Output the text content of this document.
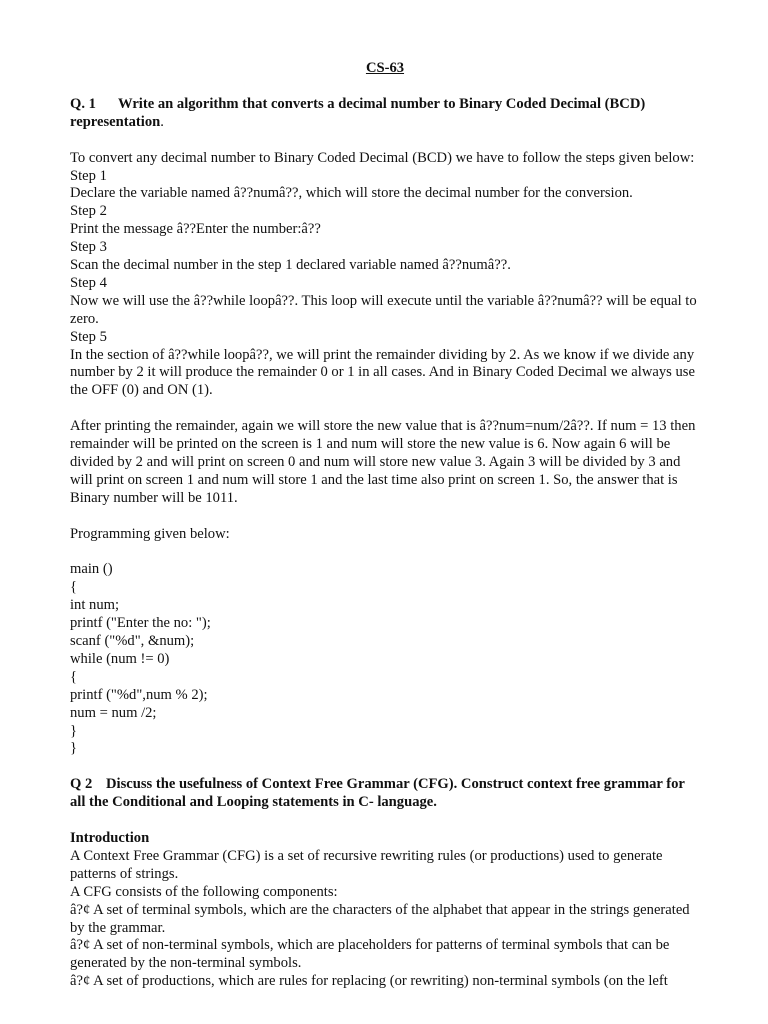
CS-63

Q. 1 Write an algorithm that converts a decimal number to Binary Coded Decimal (BCD) representation.

To convert any decimal number to Binary Coded Decimal (BCD) we have to follow the steps given below:

Step 1

Declare the variable named â??numâ??, which will store the decimal number for the conversion.

Step 2

Print the message â??Enter the number:â??

Step 3

Scan the decimal number in the step 1 declared variable named â??numâ??.

Step 4

Now we will use the â??while loopâ??. This loop will execute until the variable â??numâ?? will be equal to zero.

Step 5

In the section of â??while loopâ??, we will print the remainder dividing by 2. As we know if we divide any number by 2 it will produce the remainder 0 or 1 in all cases. And in Binary Coded Decimal we always use the OFF (0) and ON (1).

After printing the remainder, again we will store the new value that is â??num=num/2â??. If num = 13 then remainder will be printed on the screen is 1 and num will store the new value is 6. Now again 6 will be divided by 2 and will print on screen 0 and num will store new value 3. Again 3 will be divided by 3 and will print on screen 1 and num will store 1 and the last time also print on screen 1. So, the answer that is Binary number will be 1011.

Programming given below:

main ()

{

int num;

printf ("Enter the no: ");

scanf ("%d", &num);

while (num != 0)

{

printf ("%d",num % 2);

num = num /2;

}

}

Q 2 Discuss the usefulness of Context Free Grammar (CFG). Construct context free grammar for all the Conditional and Looping statements in C- language.

Introduction

A Context Free Grammar (CFG) is a set of recursive rewriting rules (or productions) used to generate patterns of strings.

A CFG consists of the following components:

â?¢ A set of terminal symbols, which are the characters of the alphabet that appear in the strings generated by the grammar.

â?¢ A set of non-terminal symbols, which are placeholders for patterns of terminal symbols that can be generated by the non-terminal symbols.

â?¢ A set of productions, which are rules for replacing (or rewriting) non-terminal symbols (on the left
